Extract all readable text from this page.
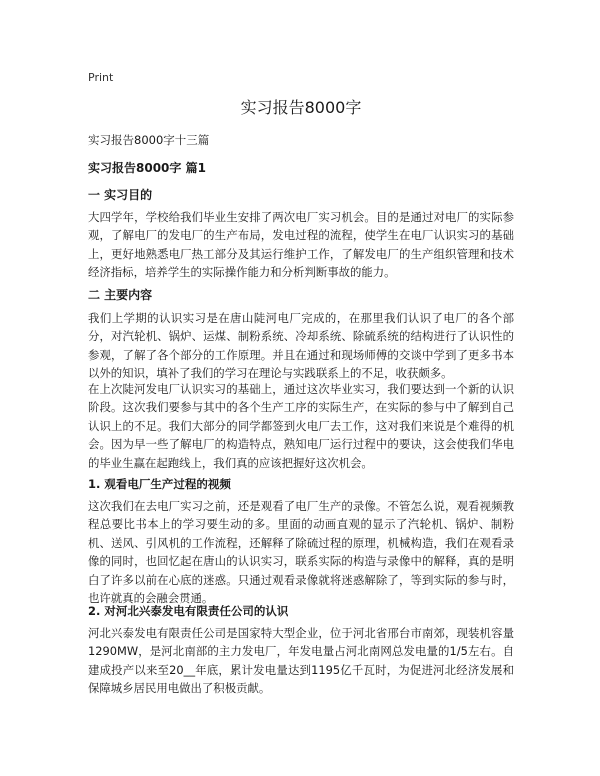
Print
实习报告8000字
实习报告8000字十三篇
实习报告8000字 篇1
一 实习目的

大四学年，学校给我们毕业生安排了两次电厂实习机会。目的是通过对电厂的实际参观，了解电厂的发电厂的生产布局，发电过程的流程，使学生在电厂认识实习的基础上，更好地熟悉电厂热工部分及其运行维护工作，了解发电厂的生产组织管理和技术经济指标，培养学生的实际操作能力和分析判断事故的能力。

二 主要内容

我们上学期的认识实习是在唐山陡河电厂完成的，在那里我们认识了电厂的各个部分，对汽轮机、锅炉、运煤、制粉系统、冷却系统、除硫系统的结构进行了认识性的参观，了解了各个部分的工作原理。并且在通过和现场师傅的交谈中学到了更多书本以外的知识，填补了我们的学习在理论与实践联系上的不足，收获颇多。

在上次陡河发电厂认识实习的基础上，通过这次毕业实习，我们要达到一个新的认识阶段。这次我们要参与其中的各个生产工序的实际生产，在实际的参与中了解到自己认识上的不足。我们大部分的同学都签到火电厂去工作，这对我们来说是个难得的机会。因为早一些了解电厂的构造特点，熟知电厂运行过程中的要诀，这会使我们华电的毕业生赢在起跑线上，我们真的应该把握好这次机会。

1. 观看电厂生产过程的视频

这次我们在去电厂实习之前，还是观看了电厂生产的录像。不管怎么说，观看视频教程总要比书本上的学习要生动的多。里面的动画直观的显示了汽轮机、锅炉、制粉机、送风、引风机的工作流程，还解释了除硫过程的原理，机械构造，我们在观看录像的同时，也回忆起在唐山的认识实习，联系实际的构造与录像中的解释，真的是明白了许多以前在心底的迷惑。只通过观看录像就将迷惑解除了，等到实际的参与时，也许就真的会融会贯通。

2. 对河北兴泰发电有限责任公司的认识

河北兴泰发电有限责任公司是国家特大型企业，位于河北省邢台市南郊，现装机容量1290MW，是河北南部的主力发电厂，年发电量占河北南网总发电量的1/5左右。自建成投产以来至20__年底，累计发电量达到1195亿千瓦时，为促进河北经济发展和保障城乡居民用电做出了积极贡献。
